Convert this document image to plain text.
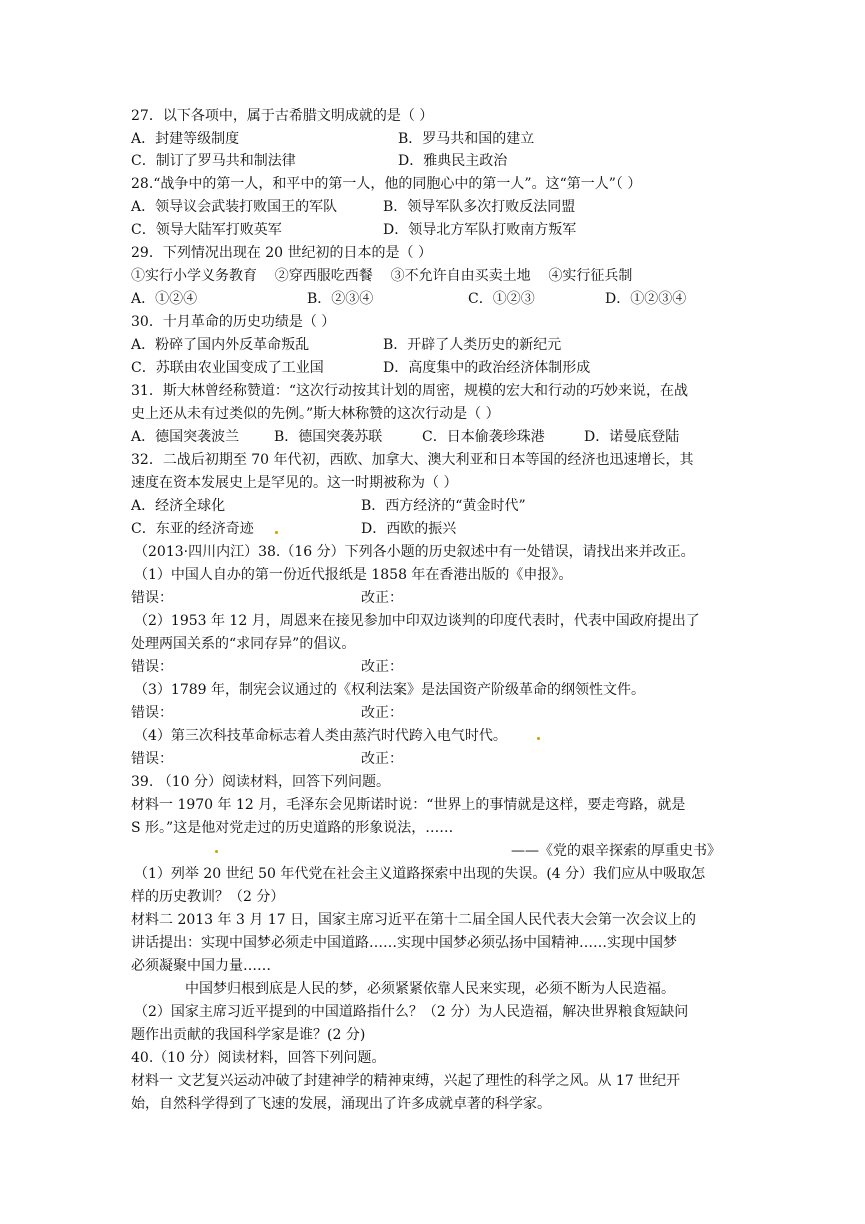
27．以下各项中，属于古希腊文明成就的是（ ）
A．封建等级制度	B．罗马共和国的建立
C．制订了罗马共和制法律	D．雅典民主政治
28.“战争中的第一人，和平中的第一人，他的同胞心中的第一人”。这“第一人”（ ）
A．领导议会武装打败国王的军队	B．领导军队多次打败反法同盟
C．领导大陆军打败英军	D．领导北方军队打败南方叛军
29．下列情况出现在 20 世纪初的日本的是（ ）
①实行小学义务教育    ②穿西服吃西餐    ③不允许自由买卖土地    ④实行征兵制
A．①②④	B．②③④	C．①②③	D．①②③④
30．十月革命的历史功绩是（ ）
A．粉碎了国内外反革命叛乱	B．开辟了人类历史的新纪元
C．苏联由农业国变成了工业国	D．高度集中的政治经济体制形成
31．斯大林曾经称赞道：“这次行动按其计划的周密，规模的宏大和行动的巧妙来说，在战
史上还从未有过类似的先例。”斯大林称赞的这次行动是（ ）
A．德国突袭波兰 B．德国突袭苏联	C．日本偷袭珍珠港	D．诺曼底登陆
32．二战后初期至 70 年代初，西欧、加拿大、澳大利亚和日本等国的经济也迅速增长，其
速度在资本发展史上是罕见的。这一时期被称为（ ）
A．经济全球化	B．西方经济的“黄金时代”
C．东亚的经济奇迹	D．西欧的振兴
（2013·四川内江）38.（16 分）下列各小题的历史叙述中有一处错误，请找出来并改正。
（1）中国人自办的第一份近代报纸是 1858 年在香港出版的《申报》。
错误：	改正：
（2）1953 年 12 月，周恩来在接见参加中印双边谈判的印度代表时，代表中国政府提出了
处理两国关系的“求同存异”的倡议。
错误：	改正：
（3）1789 年，制宪会议通过的《权利法案》是法国资产阶级革命的纲领性文件。
错误：	改正：
（4）第三次科技革命标志着人类由蒸汽时代跨入电气时代。
错误：	改正：
39. （10 分）阅读材料，回答下列问题。
材料一 1970 年 12 月，毛泽东会见斯诺时说：“世界上的事情就是这样，要走弯路，就是
S 形。”这是他对党走过的历史道路的形象说法，……
——《党的艰辛探索的厚重史书》
（1）列举 20 世纪 50 年代党在社会主义道路探索中出现的失误。(4 分）我们应从中吸取怎
样的历史教训？（2 分）
材料二 2013 年 3 月 17 日，国家主席习近平在第十二届全国人民代表大会第一次会议上的
讲话提出：实现中国梦必须走中国道路……实现中国梦必须弘扬中国精神……实现中国梦
必须凝聚中国力量……
中国梦归根到底是人民的梦，必须紧紧依靠人民来实现，必须不断为人民造福。
（2）国家主席习近平提到的中国道路指什么？（2 分）为人民造福，解决世界粮食短缺问
题作出贡献的我国科学家是谁？(2 分)
40.（10 分）阅读材料，回答下列问题。
材料一 文艺复兴运动冲破了封建神学的精神束缚，兴起了理性的科学之风。从 17 世纪开
始，自然科学得到了飞速的发展，涌现出了许多成就卓著的科学家。
